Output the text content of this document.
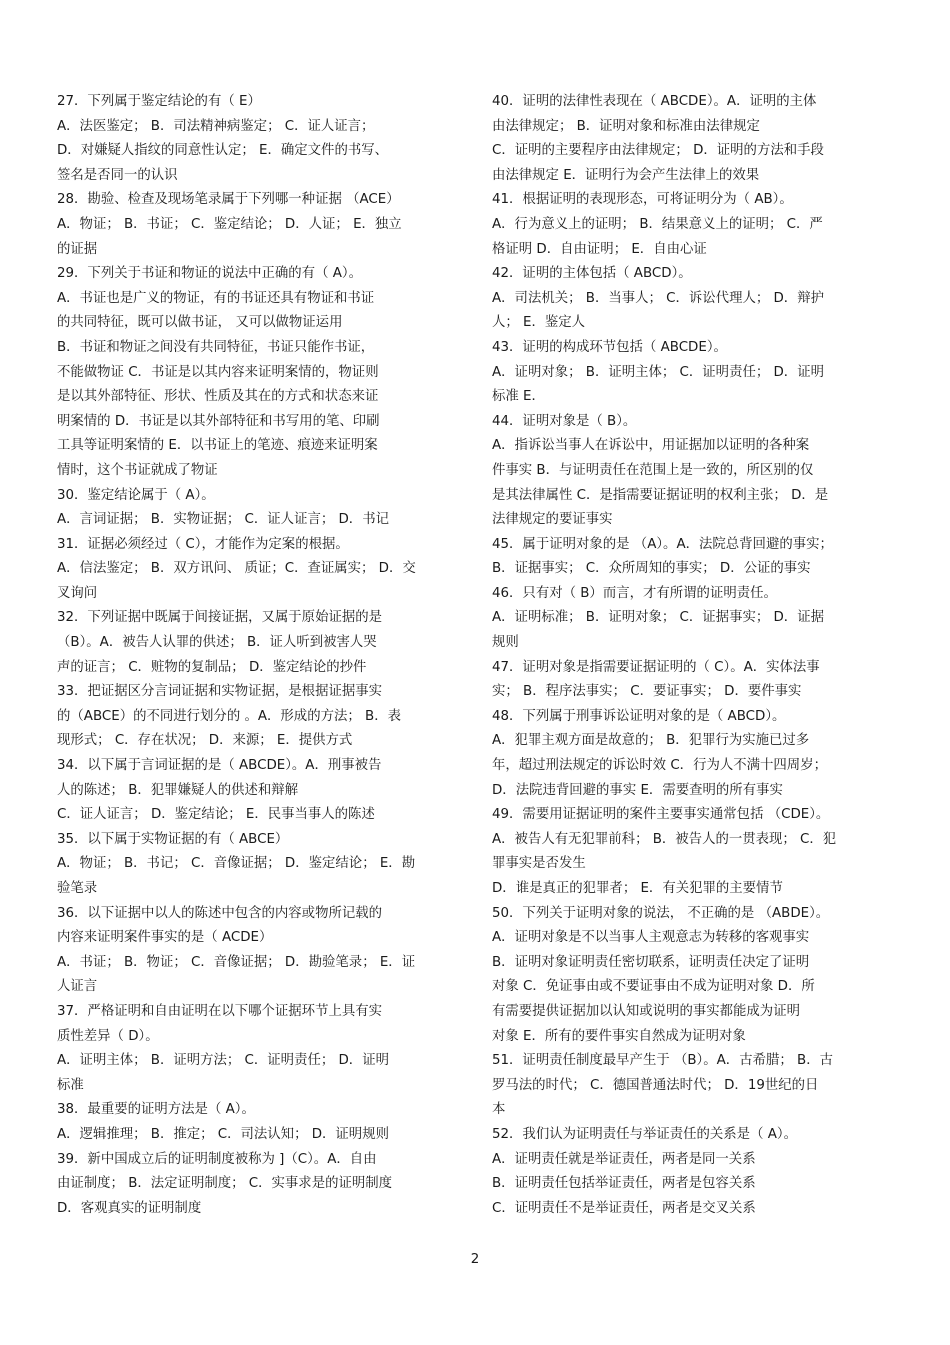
27．下列属于鉴定结论的有（ E）

A．法医鉴定； B．司法精神病鉴定； C．证人证言；

D．对嫌疑人指纹的同意性认定； E．确定文件的书写、

签名是否同一的认识

28．勘验、检查及现场笔录属于下列哪一种证据 （ACE）

A．物证； B．书证； C．鉴定结论； D．人证； E．独立

的证据

29．下列关于书证和物证的说法中正确的有（ A）。

A．书证也是广义的物证，有的书证还具有物证和书证

的共同特征，既可以做书证， 又可以做物证运用

B．书证和物证之间没有共同特征，书证只能作书证，

不能做物证 C．书证是以其内容来证明案情的，物证则

是以其外部特征、形状、性质及其在的方式和状态来证

明案情的 D．书证是以其外部特征和书写用的笔、印刷

工具等证明案情的 E．以书证上的笔迹、痕迹来证明案

情时，这个书证就成了物证

30．鉴定结论属于（ A）。

A．言词证据； B．实物证据； C．证人证言； D．书记

31．证据必须经过（ C），才能作为定案的根据。

A．信法鉴定； B．双方讯问、 质证；C．查证属实； D．交

叉询问

32．下列证据中既属于间接证据，又属于原始证据的是

（B）。A．被告人认罪的供述； B．证人听到被害人哭

声的证言； C．赃物的复制品； D．鉴定结论的抄件

33．把证据区分言词证据和实物证据，是根据证据事实

的（ABCE）的不同进行划分的 。A．形成的方法； B．表

现形式； C．存在状况； D．来源； E．提供方式

34．以下属于言词证据的是（ ABCDE）。A．刑事被告

人的陈述； B．犯罪嫌疑人的供述和辩解

C．证人证言； D．鉴定结论； E．民事当事人的陈述

35．以下属于实物证据的有（ ABCE）

A．物证； B．书记； C．音像证据； D．鉴定结论； E．勘

验笔录

36．以下证据中以人的陈述中包含的内容或物所记载的

内容来证明案件事实的是（ ACDE）

A．书证； B．物证； C．音像证据； D．勘验笔录； E．证

人证言

37．严格证明和自由证明在以下哪个证据环节上具有实

质性差异（ D）。

A．证明主体； B．证明方法； C．证明责任； D．证明

标准

38．最重要的证明方法是（ A）。

A．逻辑推理； B．推定； C．司法认知； D．证明规则

39．新中国成立后的证明制度被称为 ]（C）。A．自由

由证制度； B．法定证明制度； C．实事求是的证明制度

D．客观真实的证明制度

40．证明的法律性表现在（ ABCDE）。A．证明的主体

由法律规定； B．证明对象和标准由法律规定

C．证明的主要程序由法律规定； D．证明的方法和手段

由法律规定 E．证明行为会产生法律上的效果

41．根据证明的表现形态，可将证明分为（ AB）。

A．行为意义上的证明； B．结果意义上的证明； C．严

格证明 D．自由证明； E．自由心证

42．证明的主体包括（ ABCD）。

A．司法机关； B．当事人； C．诉讼代理人； D．辩护

人； E．鉴定人

43．证明的构成环节包括（ ABCDE）。

A．证明对象； B．证明主体； C．证明责任； D．证明

标准 E．

44．证明对象是（ B）。

A．指诉讼当事人在诉讼中，用证据加以证明的各种案

件事实 B．与证明责任在范围上是一致的，所区别的仅

是其法律属性 C．是指需要证据证明的权利主张； D．是

法律规定的要证事实

45．属于证明对象的是 （A）。A．法院总背回避的事实；

B．证据事实； C．众所周知的事实； D．公证的事实

46．只有对（ B）而言，才有所谓的证明责任。

A．证明标准； B．证明对象； C．证据事实； D．证据

规则

47．证明对象是指需要证据证明的（ C）。A．实体法事

实； B．程序法事实； C．要证事实； D．要件事实

48．下列属于刑事诉讼证明对象的是（ ABCD）。

A．犯罪主观方面是故意的； B．犯罪行为实施已过多

年，超过刑法规定的诉讼时效 C．行为人不满十四周岁；

D．法院违背回避的事实 E．需要查明的所有事实

49．需要用证据证明的案件主要事实通常包括 （CDE）。

A．被告人有无犯罪前科； B．被告人的一贯表现； C．犯

罪事实是否发生

D．谁是真正的犯罪者； E．有关犯罪的主要情节

50．下列关于证明对象的说法， 不正确的是 （ABDE）。

A．证明对象是不以当事人主观意志为转移的客观事实

B．证明对象证明责任密切联系，证明责任决定了证明

对象 C．免证事由或不要证事由不成为证明对象 D．所

有需要提供证据加以认知或说明的事实都能成为证明

对象 E．所有的要件事实自然成为证明对象

51．证明责任制度最早产生于 （B）。A．古希腊； B．古

罗马法的时代； C．德国普通法时代； D．19世纪的日

本

52．我们认为证明责任与举证责任的关系是（ A）。

A．证明责任就是举证责任，两者是同一关系

B．证明责任包括举证责任，两者是包容关系

C．证明责任不是举证责任，两者是交叉关系

2
